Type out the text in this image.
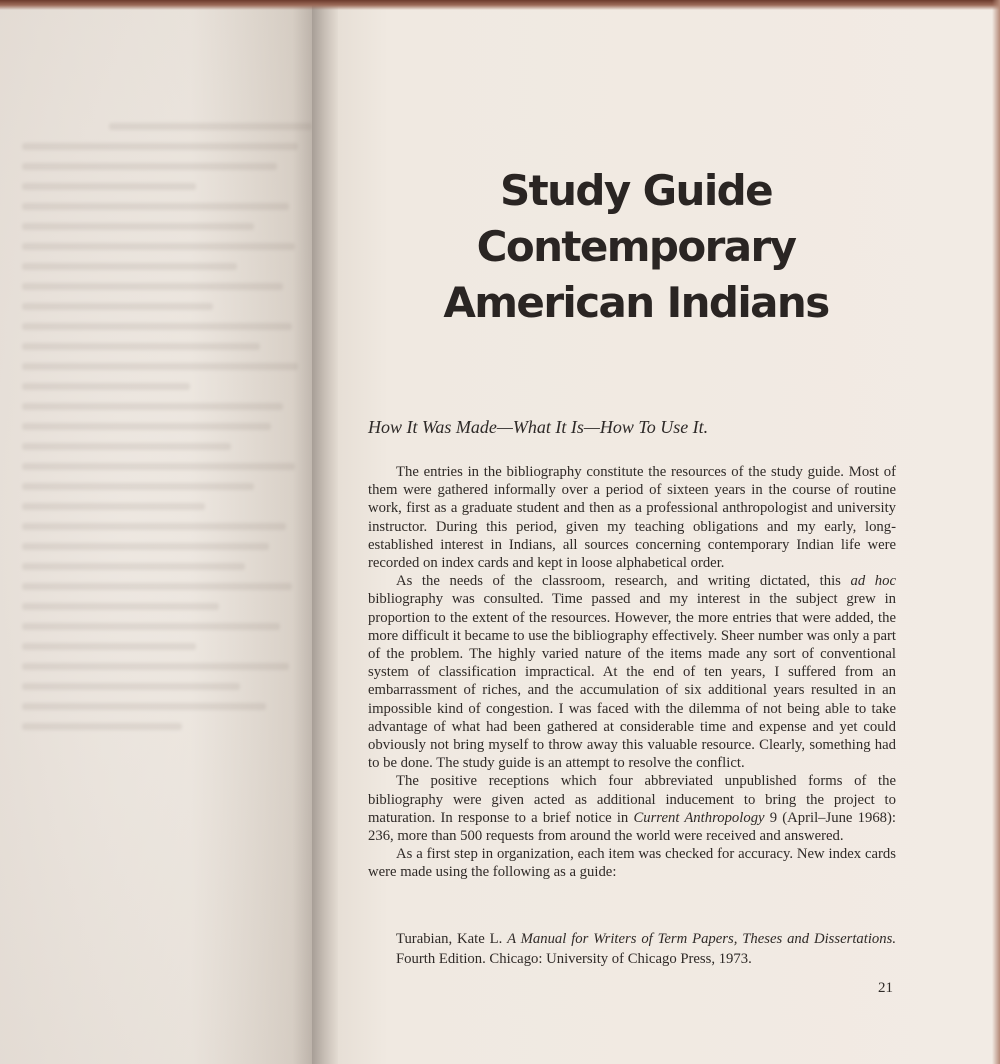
Study Guide
Contemporary
American Indians
How It Was Made—What It Is—How To Use It.

The entries in the bibliography constitute the resources of the study guide. Most of them were gathered informally over a period of sixteen years in the course of routine work, first as a graduate student and then as a professional anthropologist and university instructor. During this period, given my teaching obligations and my early, long-established interest in Indians, all sources concerning contemporary Indian life were recorded on index cards and kept in loose alphabetical order.

As the needs of the classroom, research, and writing dictated, this ad hoc bibliography was consulted. Time passed and my interest in the subject grew in proportion to the extent of the resources. However, the more entries that were added, the more difficult it became to use the bibliography effectively. Sheer number was only a part of the problem. The highly varied nature of the items made any sort of conventional system of classification impractical. At the end of ten years, I suffered from an embarrassment of riches, and the accumulation of six additional years resulted in an impossible kind of congestion. I was faced with the dilemma of not being able to take advantage of what had been gathered at considerable time and expense and yet could obviously not bring myself to throw away this valuable resource. Clearly, something had to be done. The study guide is an attempt to resolve the conflict.

The positive receptions which four abbreviated unpublished forms of the bibliography were given acted as additional inducement to bring the project to maturation. In response to a brief notice in Current Anthropology 9 (April–June 1968): 236, more than 500 requests from around the world were received and answered.

As a first step in organization, each item was checked for accuracy. New index cards were made using the following as a guide:

Turabian, Kate L. A Manual for Writers of Term Papers, Theses and Dissertations. Fourth Edition. Chicago: University of Chicago Press, 1973.
21
